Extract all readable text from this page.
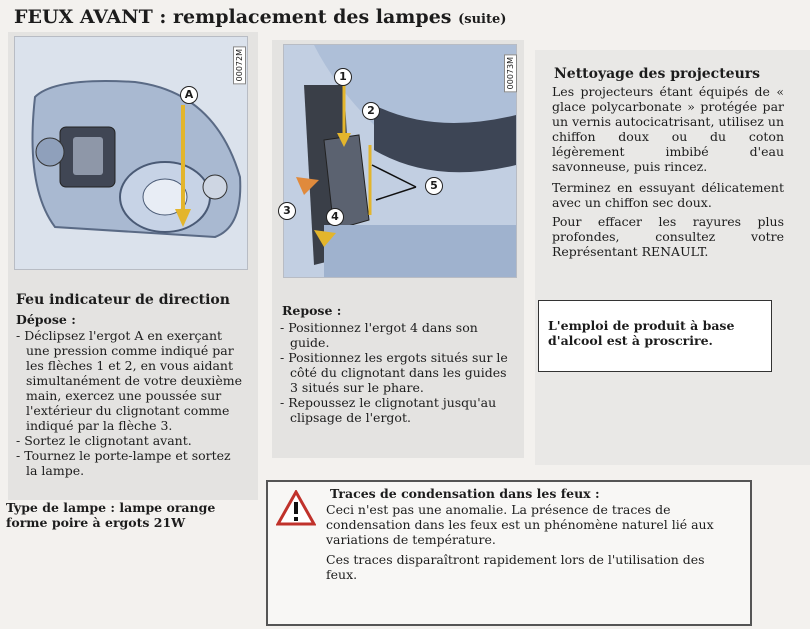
FEUX AVANT : remplacement des lampes (suite)
00072M
A
00073M
1
2
3	4
5
Feu indicateur de direction
Dépose :
- Déclipsez l'ergot A en exerçant une pression comme indiqué par les flèches 1 et 2, en vous aidant simultanément de votre deuxième main, exercez une poussée sur l'extérieur du clignotant comme indiqué par la flèche 3.
- Sortez le clignotant avant.
- Tournez le porte-lampe et sortez la lampe.
Type de lampe : lampe orange forme poire à ergots 21W
Repose :
- Positionnez l'ergot 4 dans son guide.
- Positionnez les ergots situés sur le côté du clignotant dans les guides 3 situés sur le phare.
- Repoussez le clignotant jusqu'au clipsage de l'ergot.
Nettoyage des projecteurs
Les projecteurs étant équipés de « glace polycarbonate » protégée par un vernis autocicatrisant, utilisez un chiffon doux ou du coton légèrement imbibé d'eau savonneuse, puis rincez.
Terminez en essuyant délicatement avec un chiffon sec doux.
Pour effacer les rayures plus profondes, consultez votre Représentant RENAULT.
L'emploi de produit à base d'alcool est à proscrire.
Traces de condensation dans les feux :
Ceci n'est pas une anomalie. La présence de traces de condensation dans les feux est un phénomène naturel lié aux variations de température.
Ces traces disparaîtront rapidement lors de l'utilisation des feux.
